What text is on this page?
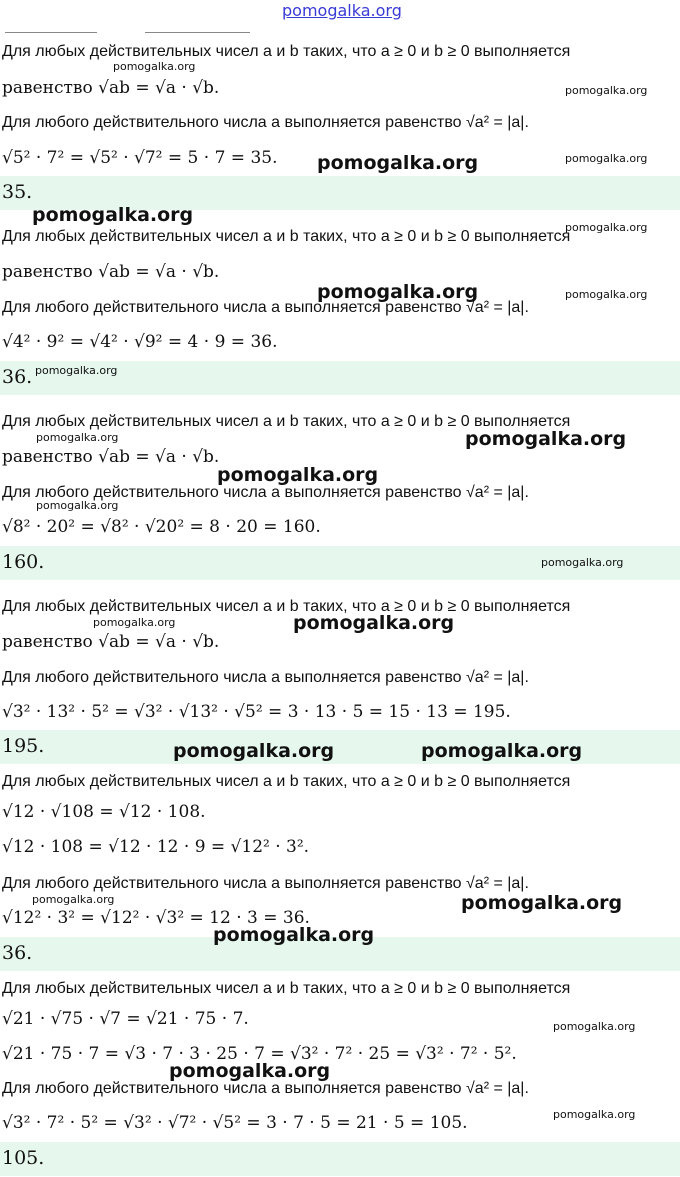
pomogalka.org
Для любых действительных чисел a и b таких, что a ≥ 0 и b ≥ 0 выполняется
равенство √ab = √a · √b.
Для любого действительного числа a выполняется равенство √a² = |a|.
√5² · 7² = √5² · √7² = 5 · 7 = 35.
35.
Для любых действительных чисел a и b таких, что a ≥ 0 и b ≥ 0 выполняется
равенство √ab = √a · √b.
Для любого действительного числа a выполняется равенство √a² = |a|.
√4² · 9² = √4² · √9² = 4 · 9 = 36.
36.
Для любых действительных чисел a и b таких, что a ≥ 0 и b ≥ 0 выполняется
равенство √ab = √a · √b.
Для любого действительного числа a выполняется равенство √a² = |a|.
√8² · 20² = √8² · √20² = 8 · 20 = 160.
160.
Для любых действительных чисел a и b таких, что a ≥ 0 и b ≥ 0 выполняется
равенство √ab = √a · √b.
Для любого действительного числа a выполняется равенство √a² = |a|.
√3² · 13² · 5² = √3² · √13² · √5² = 3 · 13 · 5 = 15 · 13 = 195.
195.
Для любых действительных чисел a и b таких, что a ≥ 0 и b ≥ 0 выполняется
√12 · √108 = √12 · 108.
√12 · 108 = √12 · 12 · 9 = √12² · 3².
Для любого действительного числа a выполняется равенство √a² = |a|.
√12² · 3² = √12² · √3² = 12 · 3 = 36.
36.
Для любых действительных чисел a и b таких, что a ≥ 0 и b ≥ 0 выполняется
√21 · √75 · √7 = √21 · 75 · 7.
√21 · 75 · 7 = √3 · 7 · 3 · 25 · 7 = √3² · 7² · 25 = √3² · 7² · 5².
Для любого действительного числа a выполняется равенство √a² = |a|.
√3² · 7² · 5² = √3² · √7² · √5² = 3 · 7 · 5 = 21 · 5 = 105.
105.
pomogalka.org
pomogalka.org
pomogalka.org
pomogalka.org
pomogalka.org
pomogalka.org
pomogalka.org	pomogalka.org
pomogalka.org
pomogalka.org	pomogalka.org
pomogalka.org
pomogalka.org
pomogalka.org
pomogalka.org	pomogalka.org
pomogalka.org	pomogalka.org
pomogalka.org	pomogalka.org
pomogalka.org
pomogalka.org
pomogalka.org
pomogalka.org
